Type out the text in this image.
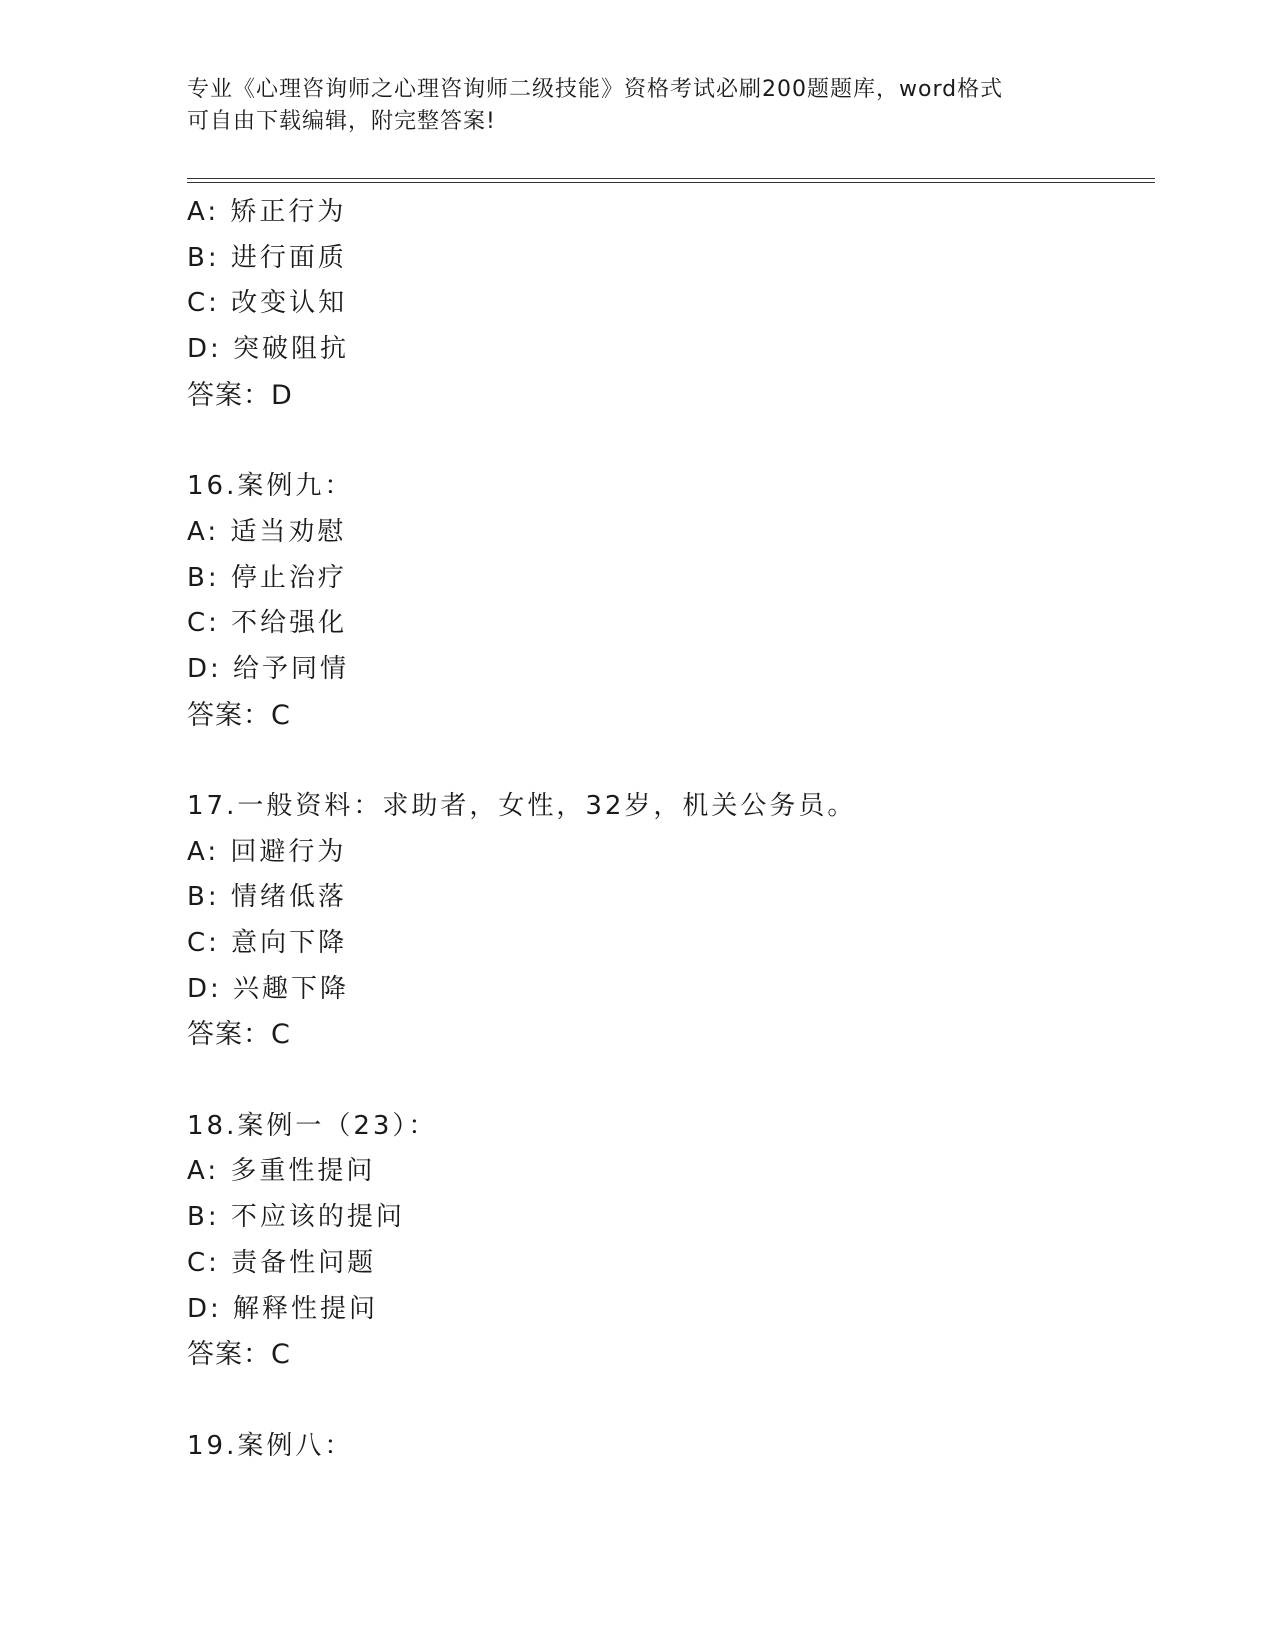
专业《心理咨询师之心理咨询师二级技能》资格考试必刷200题题库，word格式
可自由下载编辑，附完整答案!
A: 矫正行为
B: 进行面质
C: 改变认知
D: 突破阻抗
答案：D
16.案例九：
A: 适当劝慰
B: 停止治疗
C: 不给强化
D: 给予同情
答案：C
17.一般资料：求助者，女性，32岁，机关公务员。
A: 回避行为
B: 情绪低落
C: 意向下降
D: 兴趣下降
答案：C
18.案例一（23）：
A: 多重性提问
B: 不应该的提问
C: 责备性问题
D: 解释性提问
答案：C
19.案例八：
